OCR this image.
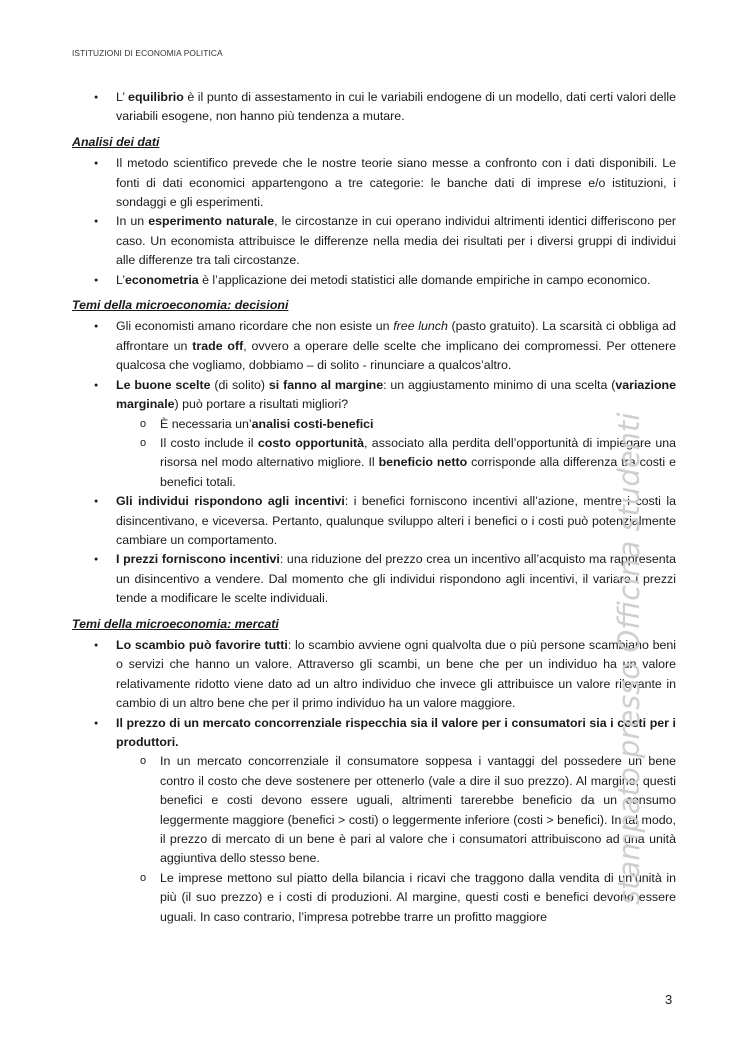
ISTITUZIONI DI ECONOMIA POLITICA
● L’ equilibrio è il punto di assestamento in cui le variabili endogene di un modello, dati certi valori delle variabili esogene, non hanno più tendenza a mutare.
Analisi dei dati
● Il metodo scientifico prevede che le nostre teorie siano messe a confronto con i dati disponibili. Le fonti di dati economici appartengono a tre categorie: le banche dati di imprese e/o istituzioni, i sondaggi e gli esperimenti.
● In un esperimento naturale, le circostanze in cui operano individui altrimenti identici differiscono per caso. Un economista attribuisce le differenze nella media dei risultati per i diversi gruppi di individui alle differenze tra tali circostanze.
● L’econometria è l’applicazione dei metodi statistici alle domande empiriche in campo economico.
Temi della microeconomia: decisioni
● Gli economisti amano ricordare che non esiste un free lunch (pasto gratuito). La scarsità ci obbliga ad affrontare un trade off, ovvero a operare delle scelte che implicano dei compromessi. Per ottenere qualcosa che vogliamo, dobbiamo – di solito - rinunciare a qualcos’altro.
● Le buone scelte (di solito) si fanno al margine: un aggiustamento minimo di una scelta (variazione marginale) può portare a risultati migliori?
o È necessaria un’analisi costi-benefici
o Il costo include il costo opportunità, associato alla perdita dell’opportunità di impiegare una risorsa nel modo alternativo migliore. Il beneficio netto corrisponde alla differenza tra costi e benefici totali.
● Gli individui rispondono agli incentivi: i benefici forniscono incentivi all’azione, mentre i costi la disincentivano, e viceversa. Pertanto, qualunque sviluppo alteri i benefici o i costi può potenzialmente cambiare un comportamento.
● I prezzi forniscono incentivi: una riduzione del prezzo crea un incentivo all’acquisto ma rappresenta un disincentivo a vendere. Dal momento che gli individui rispondono agli incentivi, il variare i prezzi tende a modificare le scelte individuali.
Temi della microeconomia: mercati
● Lo scambio può favorire tutti: lo scambio avviene ogni qualvolta due o più persone scambiano beni o servizi che hanno un valore. Attraverso gli scambi, un bene che per un individuo ha un valore relativamente ridotto viene dato ad un altro individuo che invece gli attribuisce un valore rilevante in cambio di un altro bene che per il primo individuo ha un valore maggiore.
● Il prezzo di un mercato concorrenziale rispecchia sia il valore per i consumatori sia i costi per i produttori.
o In un mercato concorrenziale il consumatore soppesa i vantaggi del possedere un bene contro il costo che deve sostenere per ottenerlo (vale a dire il suo prezzo). Al margine, questi benefici e costi devono essere uguali, altrimenti tarerebbe beneficio da un consumo leggermente maggiore (benefici > costi) o leggermente inferiore (costi > benefici). In tal modo, il prezzo di mercato di un bene è pari al valore che i consumatori attribuiscono ad una unità aggiuntiva dello stesso bene.
o Le imprese mettono sul piatto della bilancia i ricavi che traggono dalla vendita di un’unità in più (il suo prezzo) e i costi di produzioni. Al margine, questi costi e benefici devono essere uguali. In caso contrario, l’impresa potrebbe trarre un profitto maggiore
stampato presso Officina studenti
3
